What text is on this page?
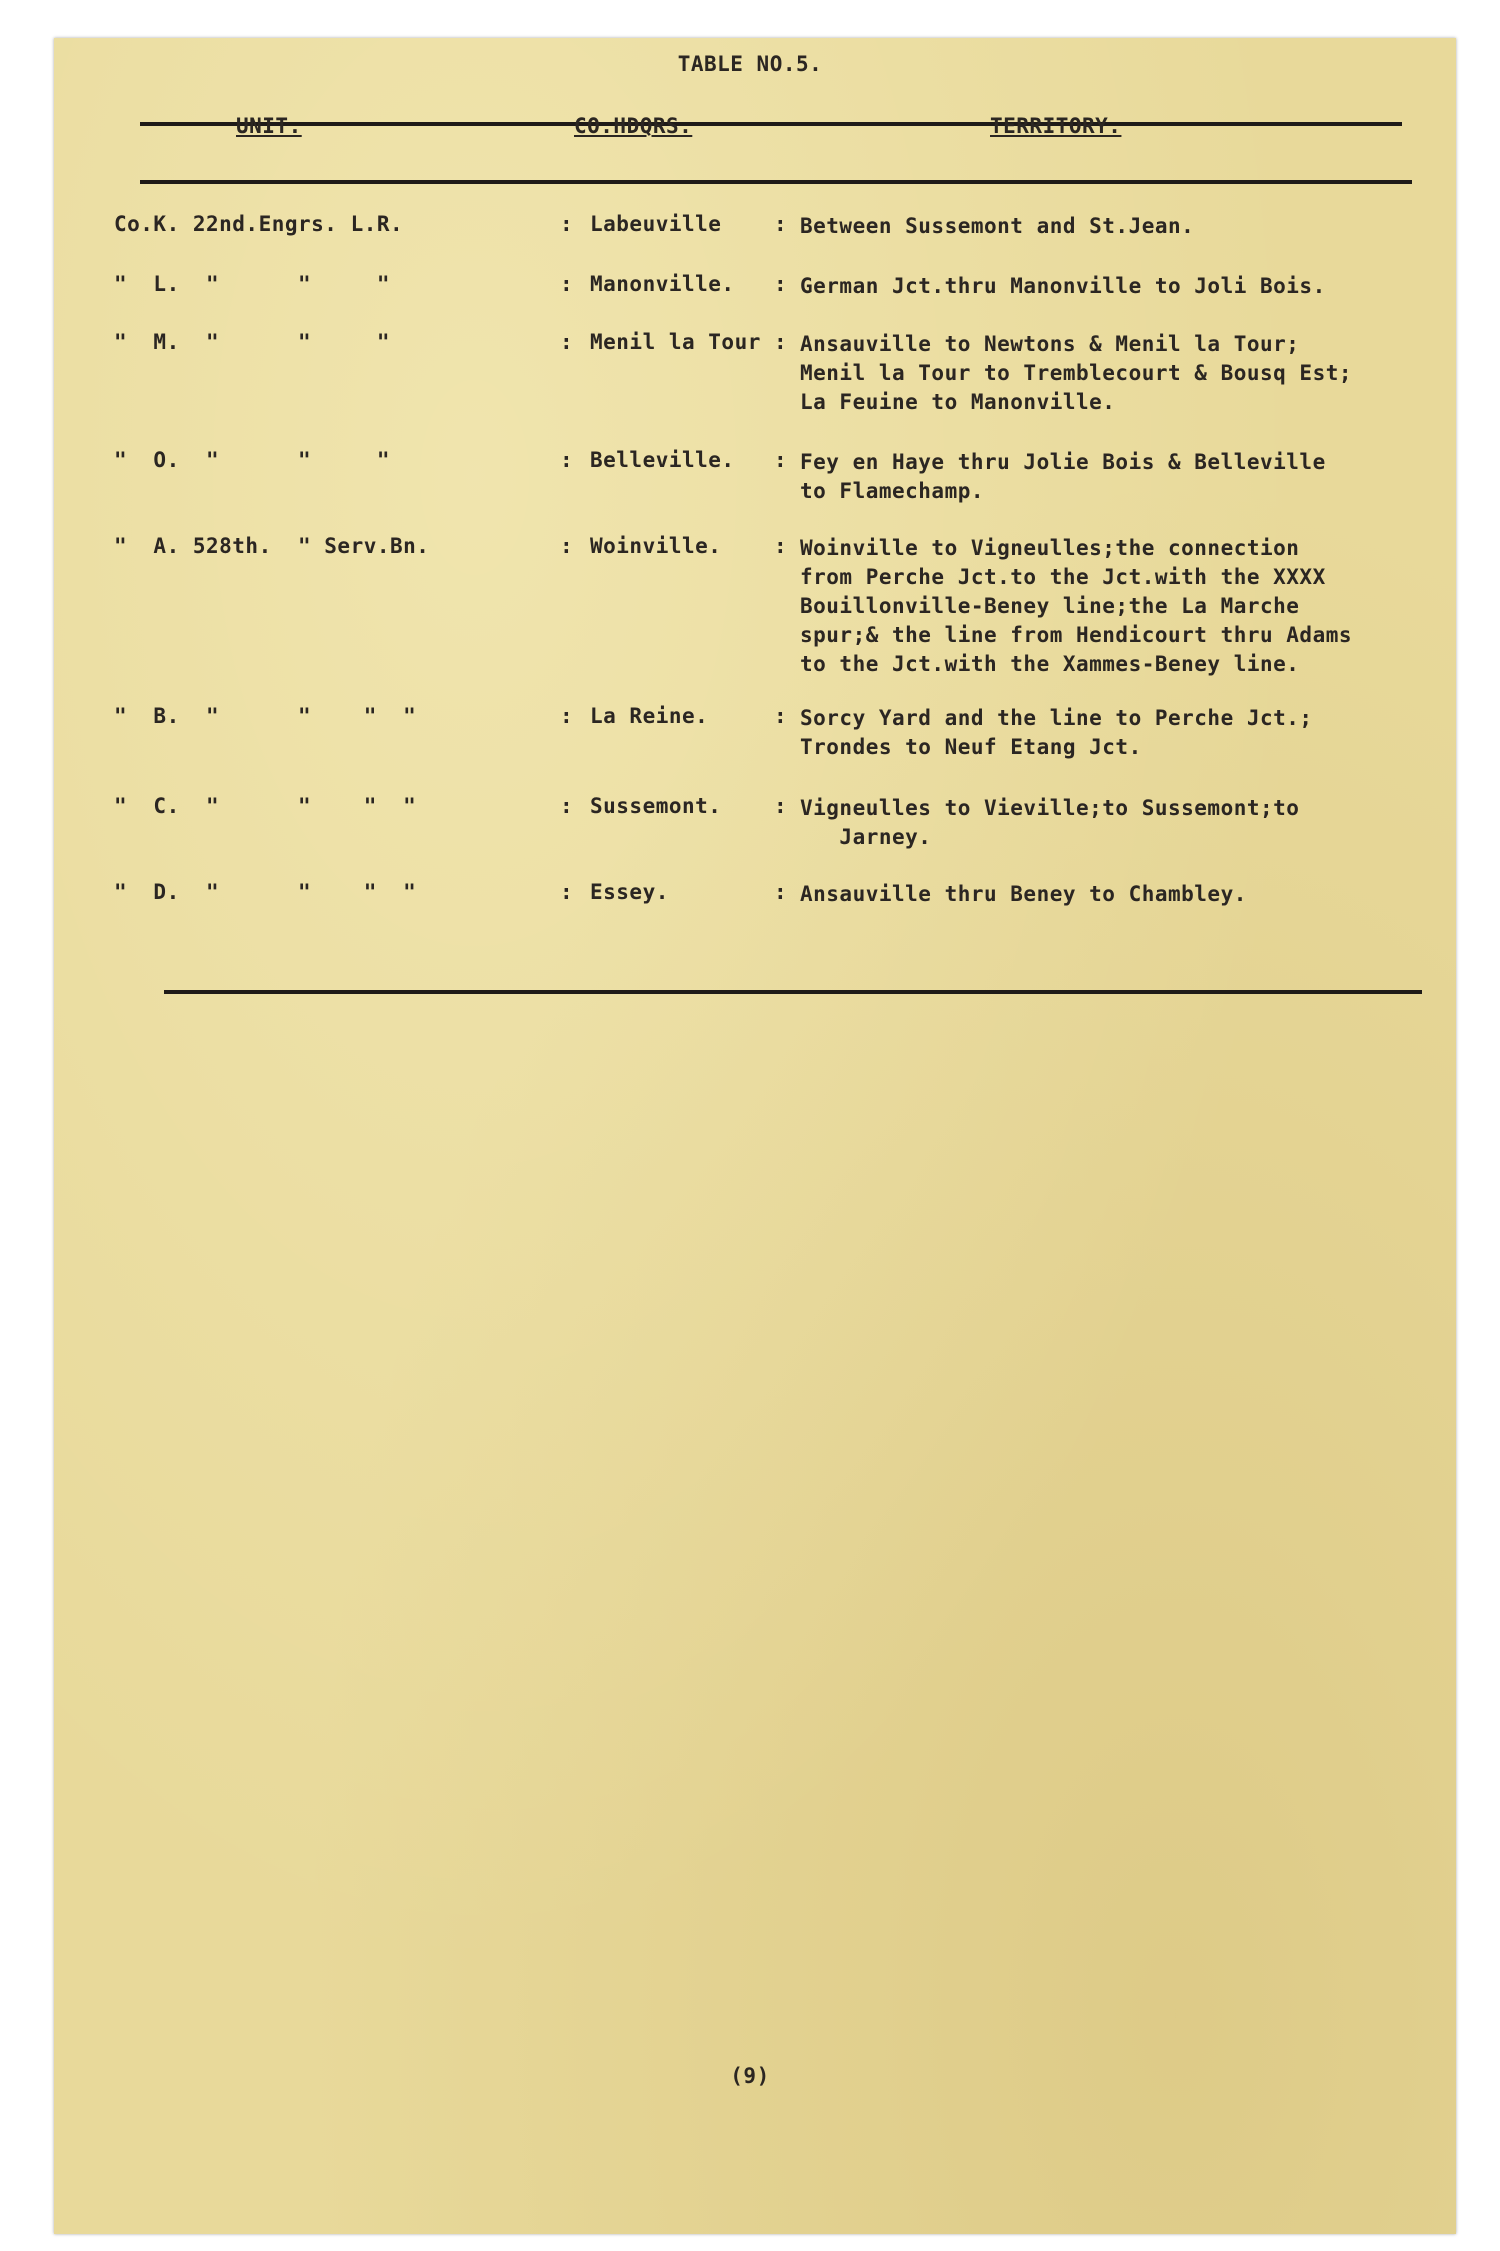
TABLE NO.5.
UNIT.	CO.HDQRS.	TERRITORY.
Co.K. 22nd.Engrs. L.R.	: Labeuville	: Between Sussemont and St.Jean.
"  L.  "      "     "	: Manonville. : German Jct.thru Manonville to Joli Bois.
"  M.  "      "     "	: Menil la Tour : Ansauville to Newtons & Menil la Tour;
Menil la Tour to Tremblecourt & Bousq Est;
La Feuine to Manonville.
"  O.  "      "     "	: Belleville. : Fey en Haye thru Jolie Bois & Belleville
to Flamechamp.
"  A. 528th.  " Serv.Bn.	: Woinville.	: Woinville to Vigneulles;the connection
from Perche Jct.to the Jct.with the XXXX
Bouillonville-Beney line;the La Marche
spur;& the line from Hendicourt thru Adams
to the Jct.with the Xammes-Beney line.
"  B.  "      "    "  "	: La Reine.	: Sorcy Yard and the line to Perche Jct.;
Trondes to Neuf Etang Jct.
"  C.  "      "    "  "	: Sussemont.	: Vigneulles to Vieville;to Sussemont;to
Jarney.
"  D.  "      "    "  "	: Essey.	: Ansauville thru Beney to Chambley.
(9)
